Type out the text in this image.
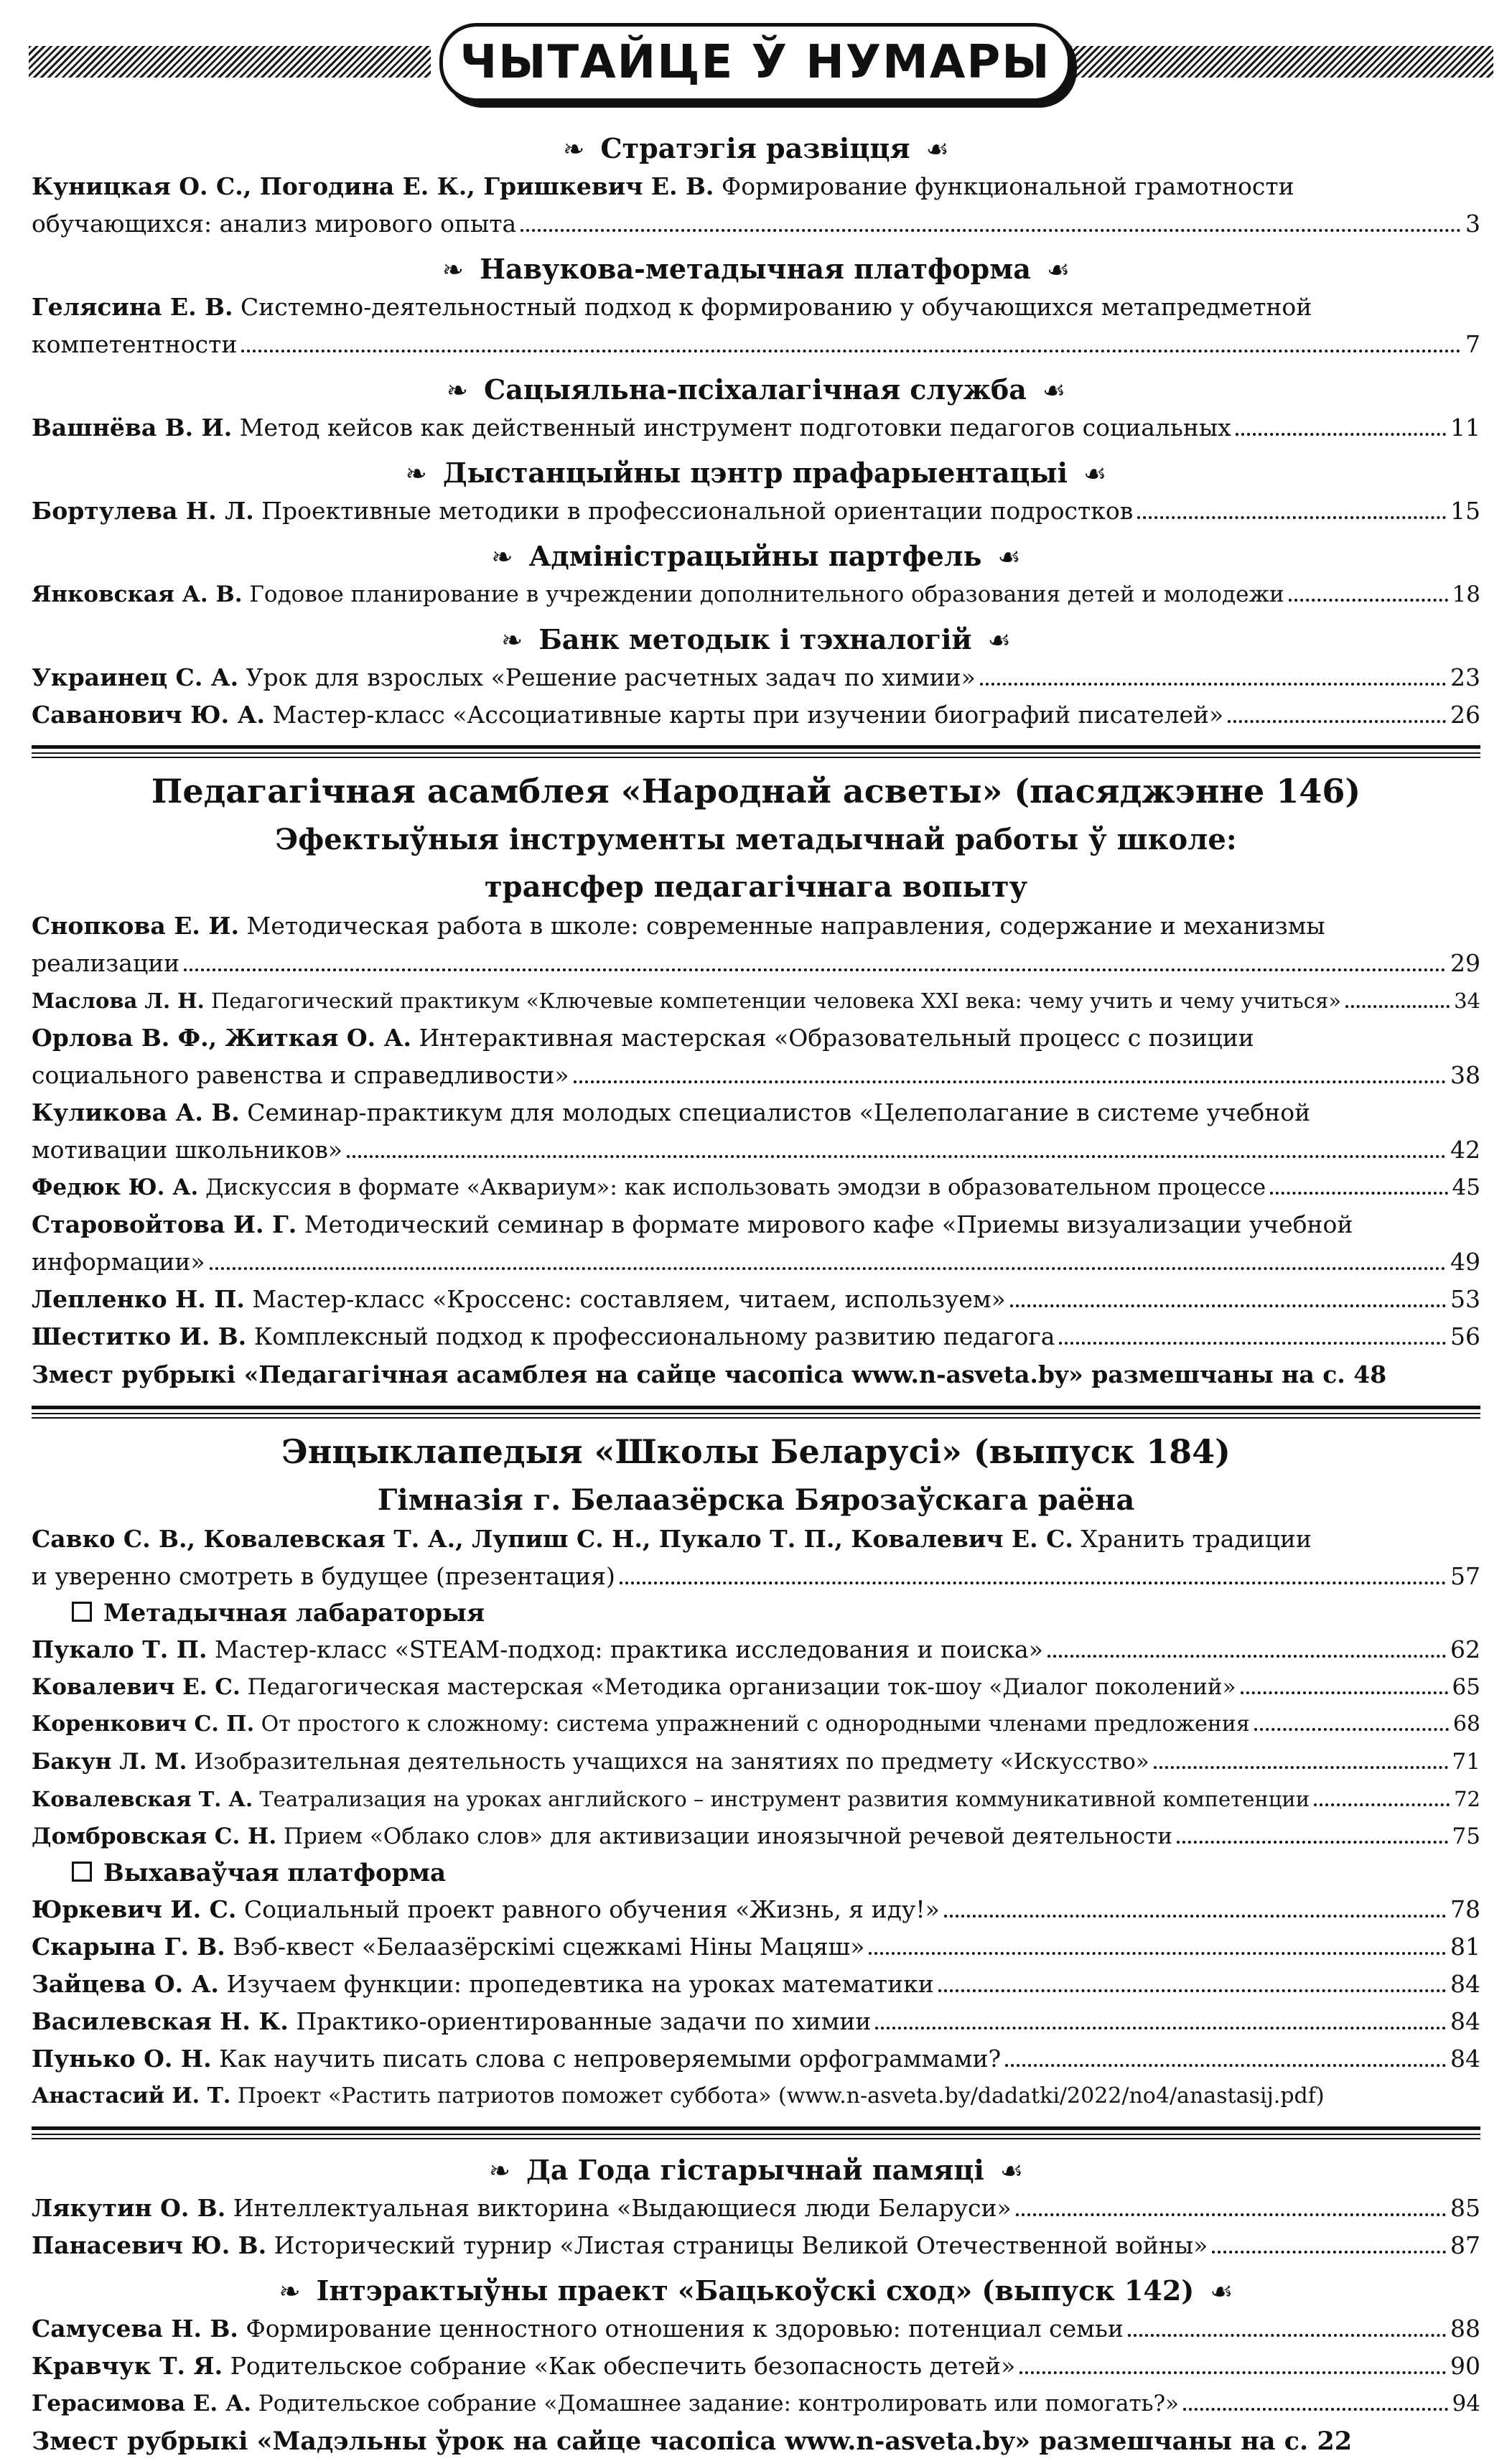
ЧЫТАЙЦЕ Ў НУМАРЫ
❧ Стратэгія развіцця ☙
Куницкая О. С., Погодина Е. К., Гришкевич Е. В. Формирование функциональной грамотности
обучающихся: анализ мирового опыта	3
❧ Навукова-метадычная платформа ☙
Гелясина Е. В. Системно-деятельностный подход к формированию у обучающихся метапредметной
компетентности	7
❧ Сацыяльна-псіхалагічная служба ☙
Вашнёва В. И. Метод кейсов как действенный инструмент подготовки педагогов социальных	11
❧ Дыстанцыйны цэнтр прафарыентацыі ☙
Бортулева Н. Л. Проективные методики в профессиональной ориентации подростков	15
❧ Адміністрацыйны партфель ☙
Янковская А. В. Годовое планирование в учреждении дополнительного образования детей и молодежи	18
❧ Банк методык і тэхналогій ☙
Украинец С. А. Урок для взрослых «Решение расчетных задач по химии»	23
Саванович Ю. А. Мастер-класс «Ассоциативные карты при изучении биографий писателей»	26
Педагагічная асамблея «Народнай асветы» (пасяджэнне 146)
Эфектыўныя інструменты метадычнай работы ў школе:
трансфер педагагічнага вопыту
Снопкова Е. И. Методическая работа в школе: современные направления, содержание и механизмы
реализации	29
Маслова Л. Н. Педагогический практикум «Ключевые компетенции человека XXI века: чему учить и чему учиться»	34
Орлова В. Ф., Житкая О. А. Интерактивная мастерская «Образовательный процесс с позиции
социального равенства и справедливости»	38
Куликова А. В. Семинар-практикум для молодых специалистов «Целеполагание в системе учебной
мотивации школьников»	42
Федюк Ю. А. Дискуссия в формате «Аквариум»: как использовать эмодзи в образовательном процессе	45
Старовойтова И. Г. Методический семинар в формате мирового кафе «Приемы визуализации учебной
информации»	49
Лепленко Н. П. Мастер-класс «Кроссенс: составляем, читаем, используем»	53
Шеститко И. В. Комплексный подход к профессиональному развитию педагога	56
Змест рубрыкі «Педагагічная асамблея на сайце часопіса www.n-asveta.by» размешчаны на с. 48
Энцыклапедыя «Школы Беларусі» (выпуск 184)
Гімназія г. Белаазёрска Бярозаўскага раёна
Савко С. В., Ковалевская Т. А., Лупиш С. Н., Пукало Т. П., Ковалевич Е. С. Хранить традиции
и уверенно смотреть в будущее (презентация)	57
Метадычная лабараторыя
Пукало Т. П. Мастер-класс «STEAM-подход: практика исследования и поиска»	62
Ковалевич Е. С. Педагогическая мастерская «Методика организации ток-шоу «Диалог поколений»	65
Коренкович С. П. От простого к сложному: система упражнений с однородными членами предложения	68
Бакун Л. М. Изобразительная деятельность учащихся на занятиях по предмету «Искусство»	71
Ковалевская Т. А. Театрализация на уроках английского – инструмент развития коммуникативной компетенции	72
Домбровская С. Н. Прием «Облако слов» для активизации иноязычной речевой деятельности	75
Выхаваўчая платформа
Юркевич И. С. Социальный проект равного обучения «Жизнь, я иду!»	78
Скарына Г. В. Вэб-квест «Белаазёрскімі сцежкамі Ніны Мацяш»	81
Зайцева О. А. Изучаем функции: пропедевтика на уроках математики	84
Василевская Н. К. Практико-ориентированные задачи по химии	84
Пунько О. Н. Как научить писать слова с непроверяемыми орфограммами?	84
Анастасий И. Т. Проект «Растить патриотов поможет суббота» (www.n-asveta.by/dadatki/2022/no4/anastasij.pdf)
❧ Да Года гістарычнай памяці ☙
Лякутин О. В. Интеллектуальная викторина «Выдающиеся люди Беларуси»	85
Панасевич Ю. В. Исторический турнир «Листая страницы Великой Отечественной войны»	87
❧ Інтэрактыўны праект «Бацькоўскі сход» (выпуск 142) ☙
Самусева Н. В. Формирование ценностного отношения к здоровью: потенциал семьи	88
Кравчук Т. Я. Родительское собрание «Как обеспечить безопасность детей»	90
Герасимова Е. А. Родительское собрание «Домашнее задание: контролировать или помогать?»	94
Змест рубрыкі «Мадэльны ўрок на сайце часопіса www.n-asveta.by» размешчаны на с. 22
